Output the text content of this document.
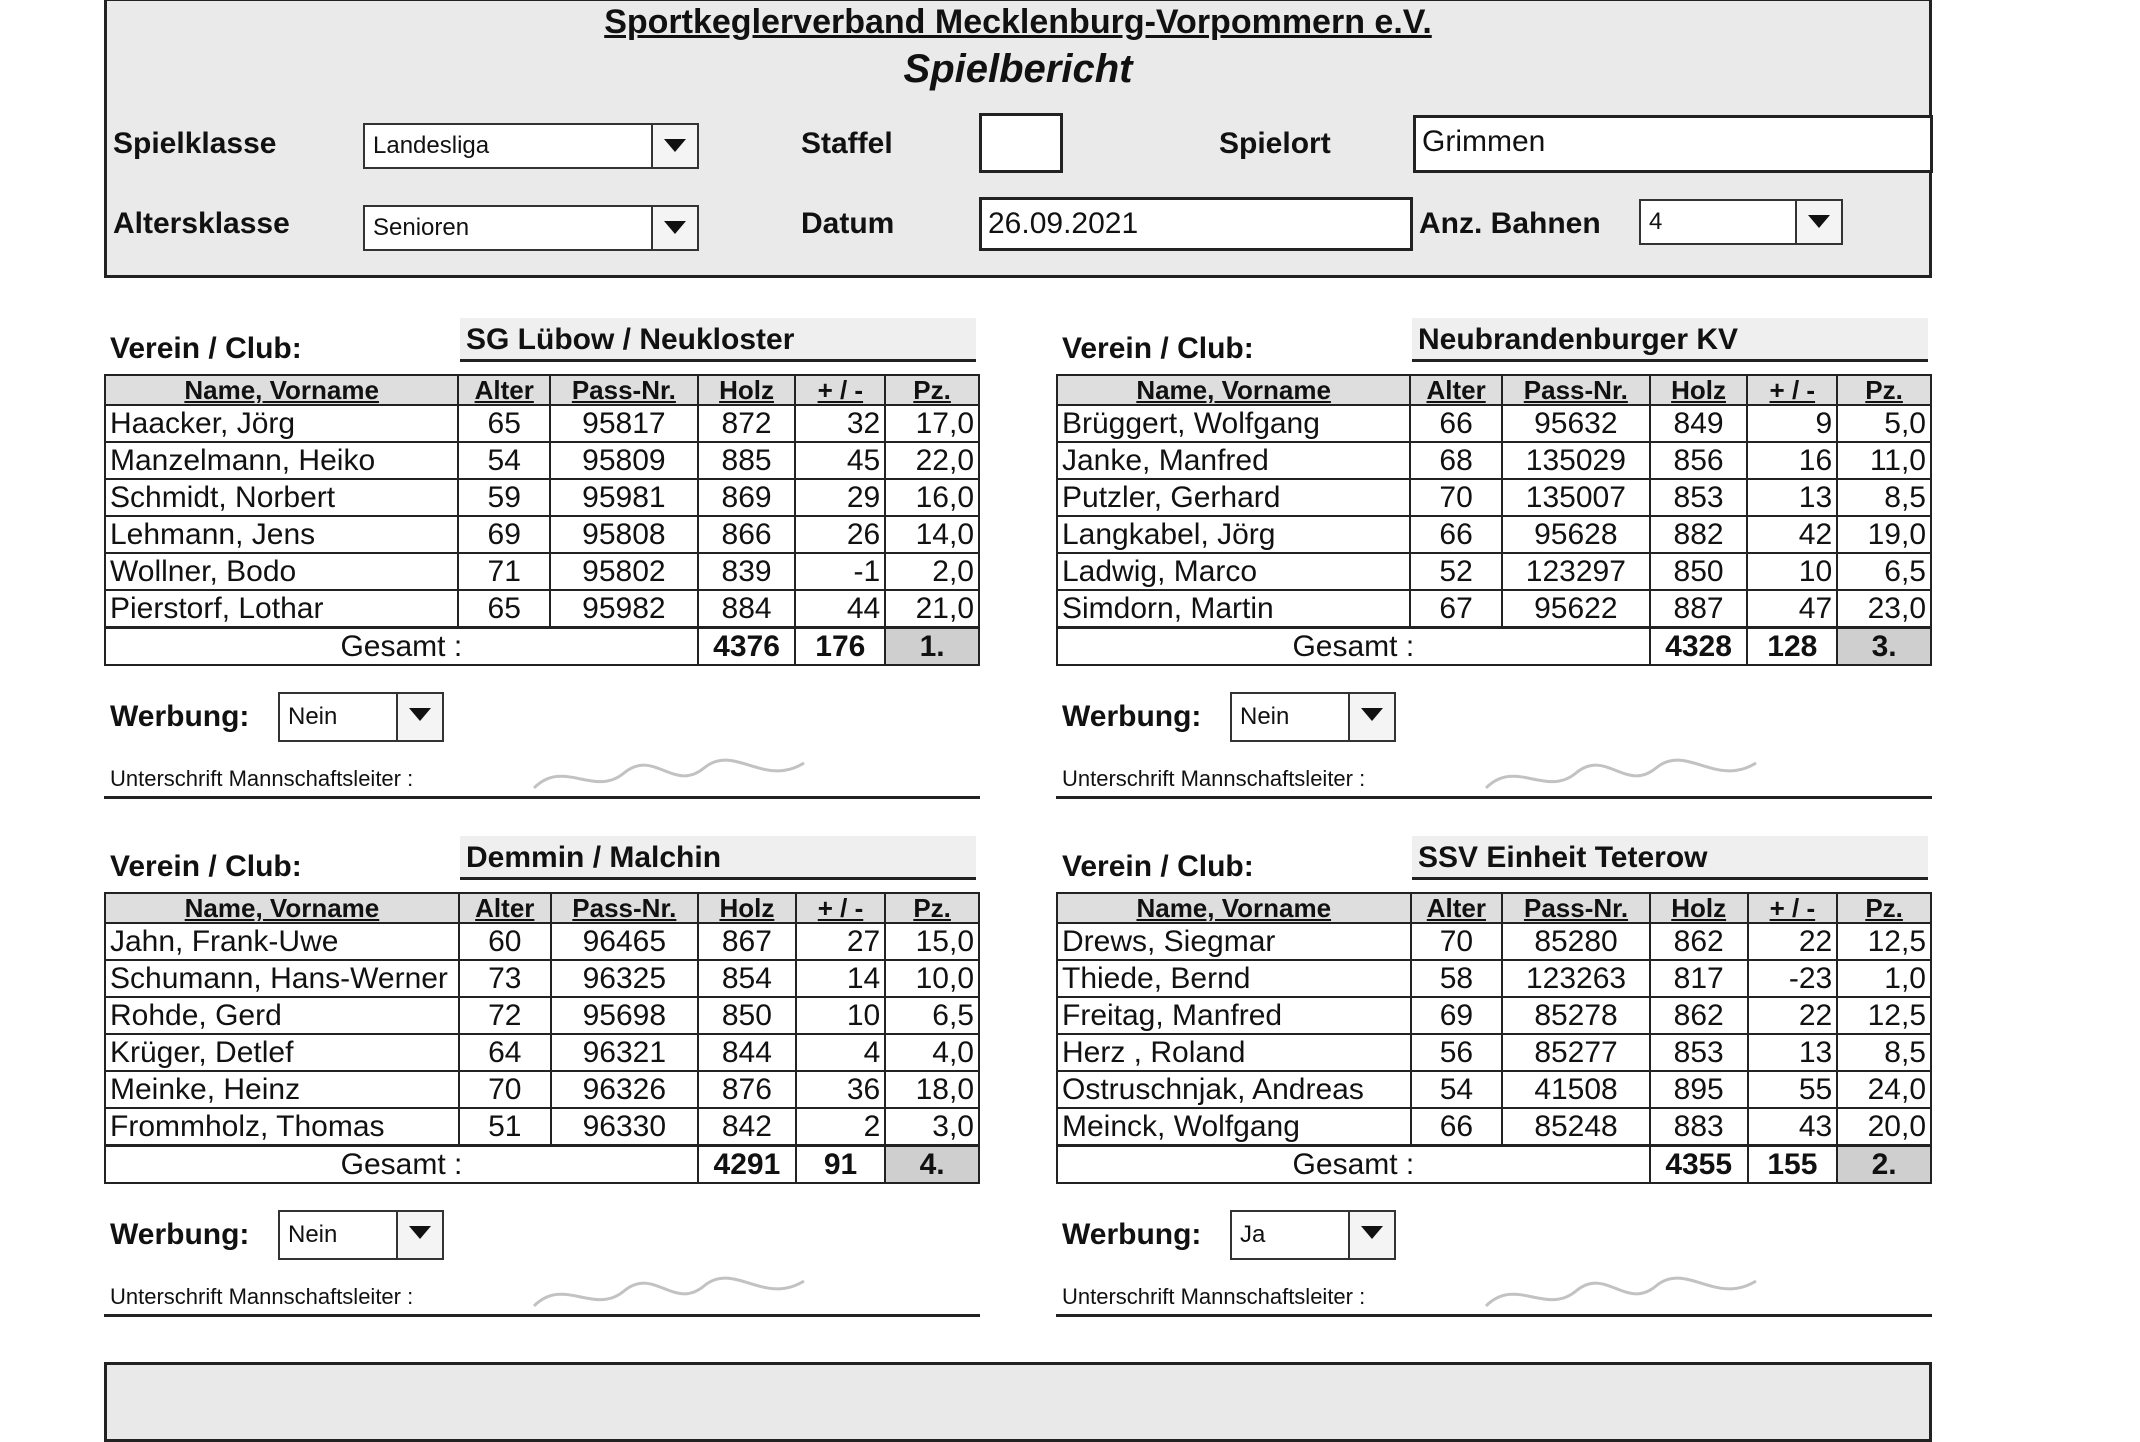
Sportkeglerverband Mecklenburg-Vorpommern e.V.
Spielbericht
Spielklasse	Landesliga
Altersklasse	Senioren
Staffel
Datum	26.09.2021
Spielort	Grimmen
Anz. Bahnen	4
Verein / Club:	SG Lübow / Neukloster
Name, Vorname	Alter	Pass-Nr.	Holz	+ / -	Pz.
Haacker, Jörg	65	95817	872	32	17,0
Manzelmann, Heiko	54	95809	885	45	22,0
Schmidt, Norbert	59	95981	869	29	16,0
Lehmann, Jens	69	95808	866	26	14,0
Wollner, Bodo	71	95802	839	-1	2,0
Pierstorf, Lothar	65	95982	884	44	21,0
Gesamt :			4376	176	1.
Werbung:	Nein
Unterschrift Mannschaftsleiter :
Verein / Club:	Neubrandenburger KV
Name, Vorname	Alter	Pass-Nr.	Holz	+ / -	Pz.
Brüggert, Wolfgang	66	95632	849	9	5,0
Janke, Manfred	68	135029	856	16	11,0
Putzler, Gerhard	70	135007	853	13	8,5
Langkabel, Jörg	66	95628	882	42	19,0
Ladwig, Marco	52	123297	850	10	6,5
Simdorn, Martin	67	95622	887	47	23,0
Gesamt :			4328	128	3.
Werbung:	Nein
Unterschrift Mannschaftsleiter :
Verein / Club:	Demmin / Malchin
Name, Vorname	Alter	Pass-Nr.	Holz	+ / -	Pz.
Jahn, Frank-Uwe	60	96465	867	27	15,0
Schumann, Hans-Werner	73	96325	854	14	10,0
Rohde, Gerd	72	95698	850	10	6,5
Krüger, Detlef	64	96321	844	4	4,0
Meinke, Heinz	70	96326	876	36	18,0
Frommholz, Thomas	51	96330	842	2	3,0
Gesamt :			4291	91	4.
Werbung:	Nein
Unterschrift Mannschaftsleiter :
Verein / Club:	SSV Einheit Teterow
Name, Vorname	Alter	Pass-Nr.	Holz	+ / -	Pz.
Drews, Siegmar	70	85280	862	22	12,5
Thiede, Bernd	58	123263	817	-23	1,0
Freitag, Manfred	69	85278	862	22	12,5
Herz , Roland	56	85277	853	13	8,5
Ostruschnjak, Andreas	54	41508	895	55	24,0
Meinck, Wolfgang	66	85248	883	43	20,0
Gesamt :			4355	155	2.
Werbung:	Ja
Unterschrift Mannschaftsleiter :
